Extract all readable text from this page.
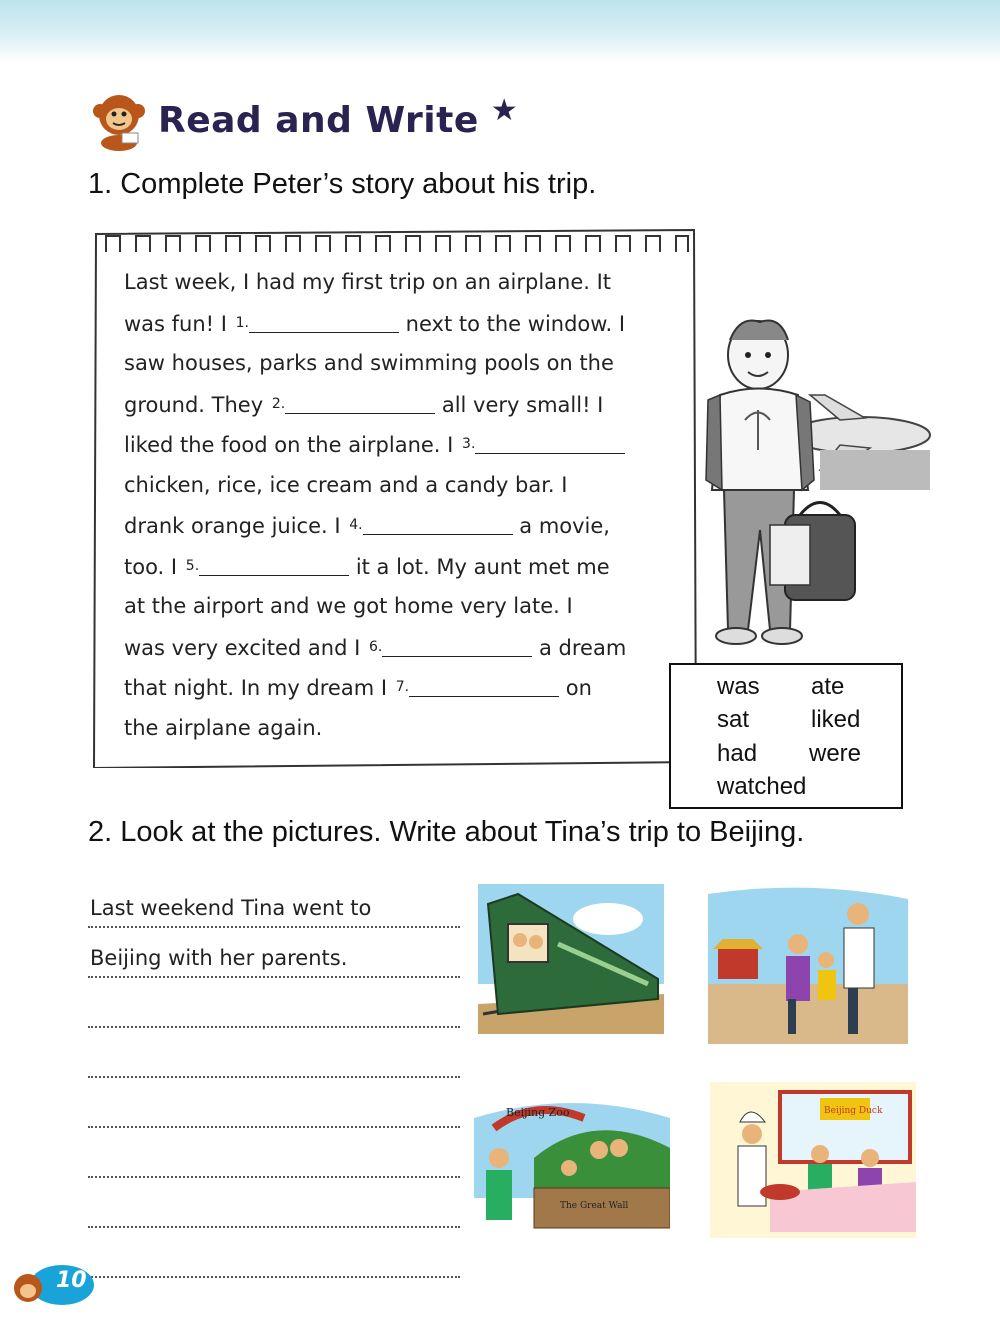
Read and Write ★
1. Complete Peter’s story about his trip.
Last week, I had my first trip on an airplane. It
was fun! I 1.	next to the window. I
saw houses, parks and swimming pools on the
ground. They 2.	all very small! I
liked the food on the airplane. I 3.
chicken, rice, ice cream and a candy bar. I
drank orange juice. I 4.	a movie,
too. I 5.	it a lot. My aunt met me
at the airport and we got home very late. I
was very excited and I 6.	a dream
that night. In my dream I 7.	on
the airplane again.
was ate
sat	liked
had were
watched
2. Look at the pictures. Write about Tina’s trip to Beijing.
Last weekend Tina went to
Beijing with her parents.
Beijing Zoo
The Great Wall
Beijing Duck
10
